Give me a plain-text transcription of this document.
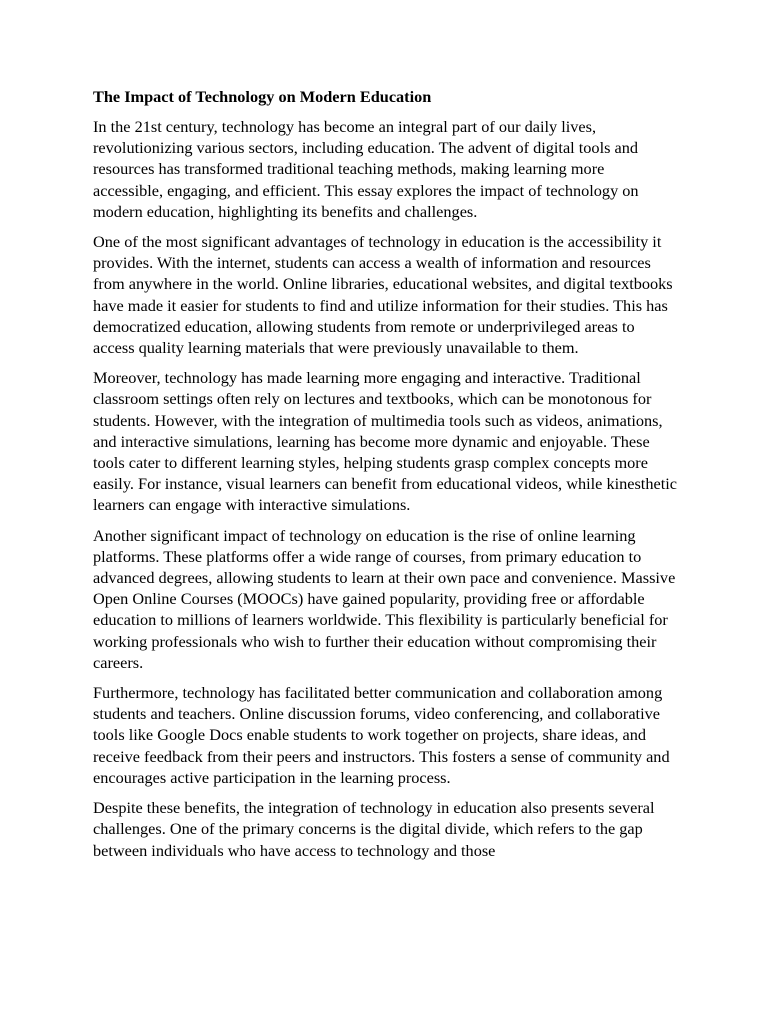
The Impact of Technology on Modern Education

In the 21st century, technology has become an integral part of our daily lives, revolutionizing various sectors, including education. The advent of digital tools and resources has transformed traditional teaching methods, making learning more accessible, engaging, and efficient. This essay explores the impact of technology on modern education, highlighting its benefits and challenges.

One of the most significant advantages of technology in education is the accessibility it provides. With the internet, students can access a wealth of information and resources from anywhere in the world. Online libraries, educational websites, and digital textbooks have made it easier for students to find and utilize information for their studies. This has democratized education, allowing students from remote or underprivileged areas to access quality learning materials that were previously unavailable to them.

Moreover, technology has made learning more engaging and interactive. Traditional classroom settings often rely on lectures and textbooks, which can be monotonous for students. However, with the integration of multimedia tools such as videos, animations, and interactive simulations, learning has become more dynamic and enjoyable. These tools cater to different learning styles, helping students grasp complex concepts more easily. For instance, visual learners can benefit from educational videos, while kinesthetic learners can engage with interactive simulations.

Another significant impact of technology on education is the rise of online learning platforms. These platforms offer a wide range of courses, from primary education to advanced degrees, allowing students to learn at their own pace and convenience. Massive Open Online Courses (MOOCs) have gained popularity, providing free or affordable education to millions of learners worldwide. This flexibility is particularly beneficial for working professionals who wish to further their education without compromising their careers.

Furthermore, technology has facilitated better communication and collaboration among students and teachers. Online discussion forums, video conferencing, and collaborative tools like Google Docs enable students to work together on projects, share ideas, and receive feedback from their peers and instructors. This fosters a sense of community and encourages active participation in the learning process.

Despite these benefits, the integration of technology in education also presents several challenges. One of the primary concerns is the digital divide, which refers to the gap between individuals who have access to technology and those
